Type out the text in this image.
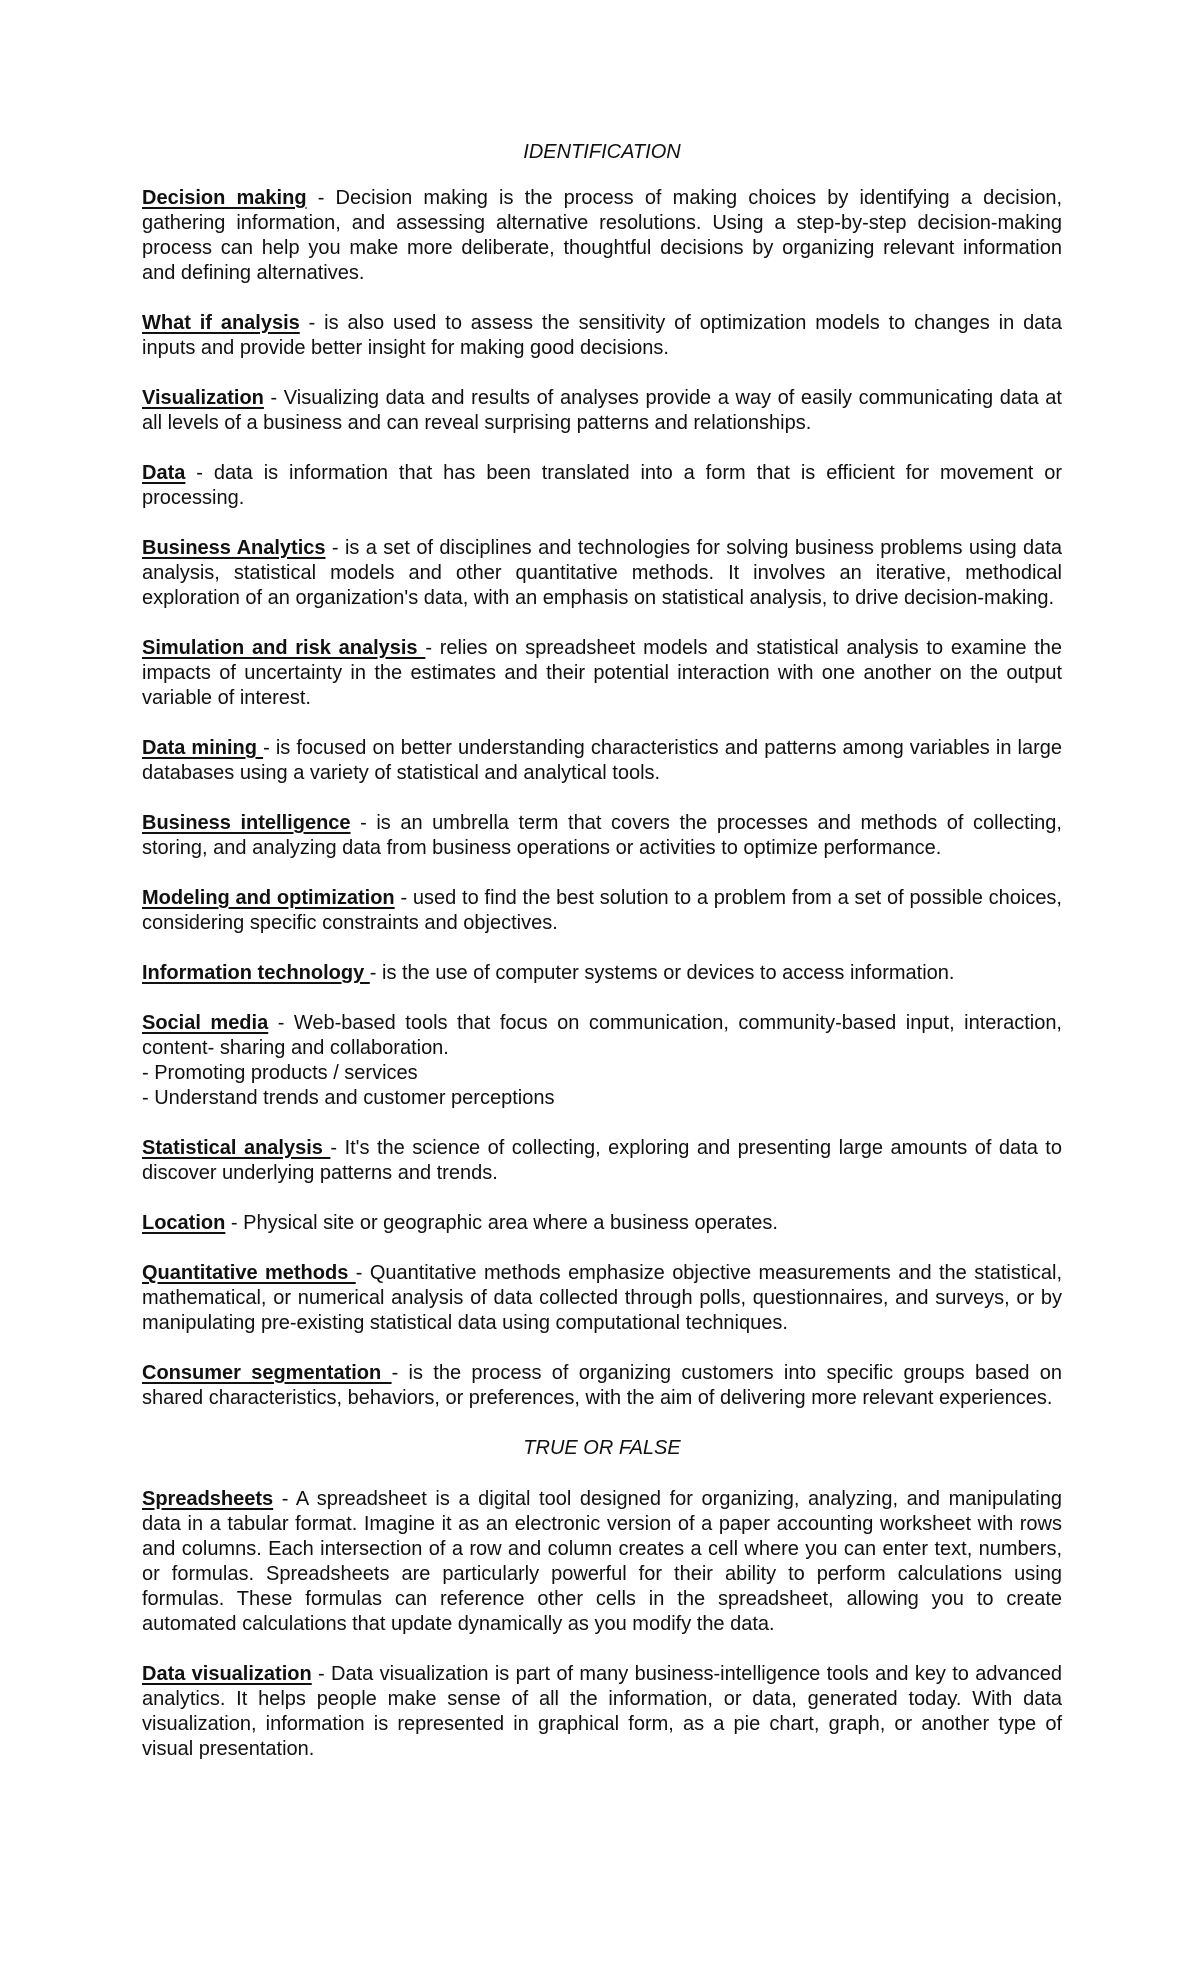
IDENTIFICATION

Decision making - Decision making is the process of making choices by identifying a decision, gathering information, and assessing alternative resolutions. Using a step-by-step decision-making process can help you make more deliberate, thoughtful decisions by organizing relevant information and defining alternatives.

What if analysis - is also used to assess the sensitivity of optimization models to changes in data inputs and provide better insight for making good decisions.

Visualization - Visualizing data and results of analyses provide a way of easily communicating data at all levels of a business and can reveal surprising patterns and relationships.

Data - data is information that has been translated into a form that is efficient for movement or processing.

Business Analytics - is a set of disciplines and technologies for solving business problems using data analysis, statistical models and other quantitative methods. It involves an iterative, methodical exploration of an organization's data, with an emphasis on statistical analysis, to drive decision-making.

Simulation and risk analysis - relies on spreadsheet models and statistical analysis to examine the impacts of uncertainty in the estimates and their potential interaction with one another on the output variable of interest.

Data mining - is focused on better understanding characteristics and patterns among variables in large databases using a variety of statistical and analytical tools.

Business intelligence - is an umbrella term that covers the processes and methods of collecting, storing, and analyzing data from business operations or activities to optimize performance.

Modeling and optimization - used to find the best solution to a problem from a set of possible choices, considering specific constraints and objectives.

Information technology - is the use of computer systems or devices to access information.

Social media - Web-based tools that focus on communication, community-based input, interaction, content- sharing and collaboration.
- Promoting products / services
- Understand trends and customer perceptions

Statistical analysis - It's the science of collecting, exploring and presenting large amounts of data to discover underlying patterns and trends.

Location - Physical site or geographic area where a business operates.

Quantitative methods - Quantitative methods emphasize objective measurements and the statistical, mathematical, or numerical analysis of data collected through polls, questionnaires, and surveys, or by manipulating pre-existing statistical data using computational techniques.

Consumer segmentation - is the process of organizing customers into specific groups based on shared characteristics, behaviors, or preferences, with the aim of delivering more relevant experiences.

TRUE OR FALSE

Spreadsheets - A spreadsheet is a digital tool designed for organizing, analyzing, and manipulating data in a tabular format. Imagine it as an electronic version of a paper accounting worksheet with rows and columns. Each intersection of a row and column creates a cell where you can enter text, numbers, or formulas. Spreadsheets are particularly powerful for their ability to perform calculations using formulas. These formulas can reference other cells in the spreadsheet, allowing you to create automated calculations that update dynamically as you modify the data.

Data visualization - Data visualization is part of many business-intelligence tools and key to advanced analytics. It helps people make sense of all the information, or data, generated today. With data visualization, information is represented in graphical form, as a pie chart, graph, or another type of visual presentation.
